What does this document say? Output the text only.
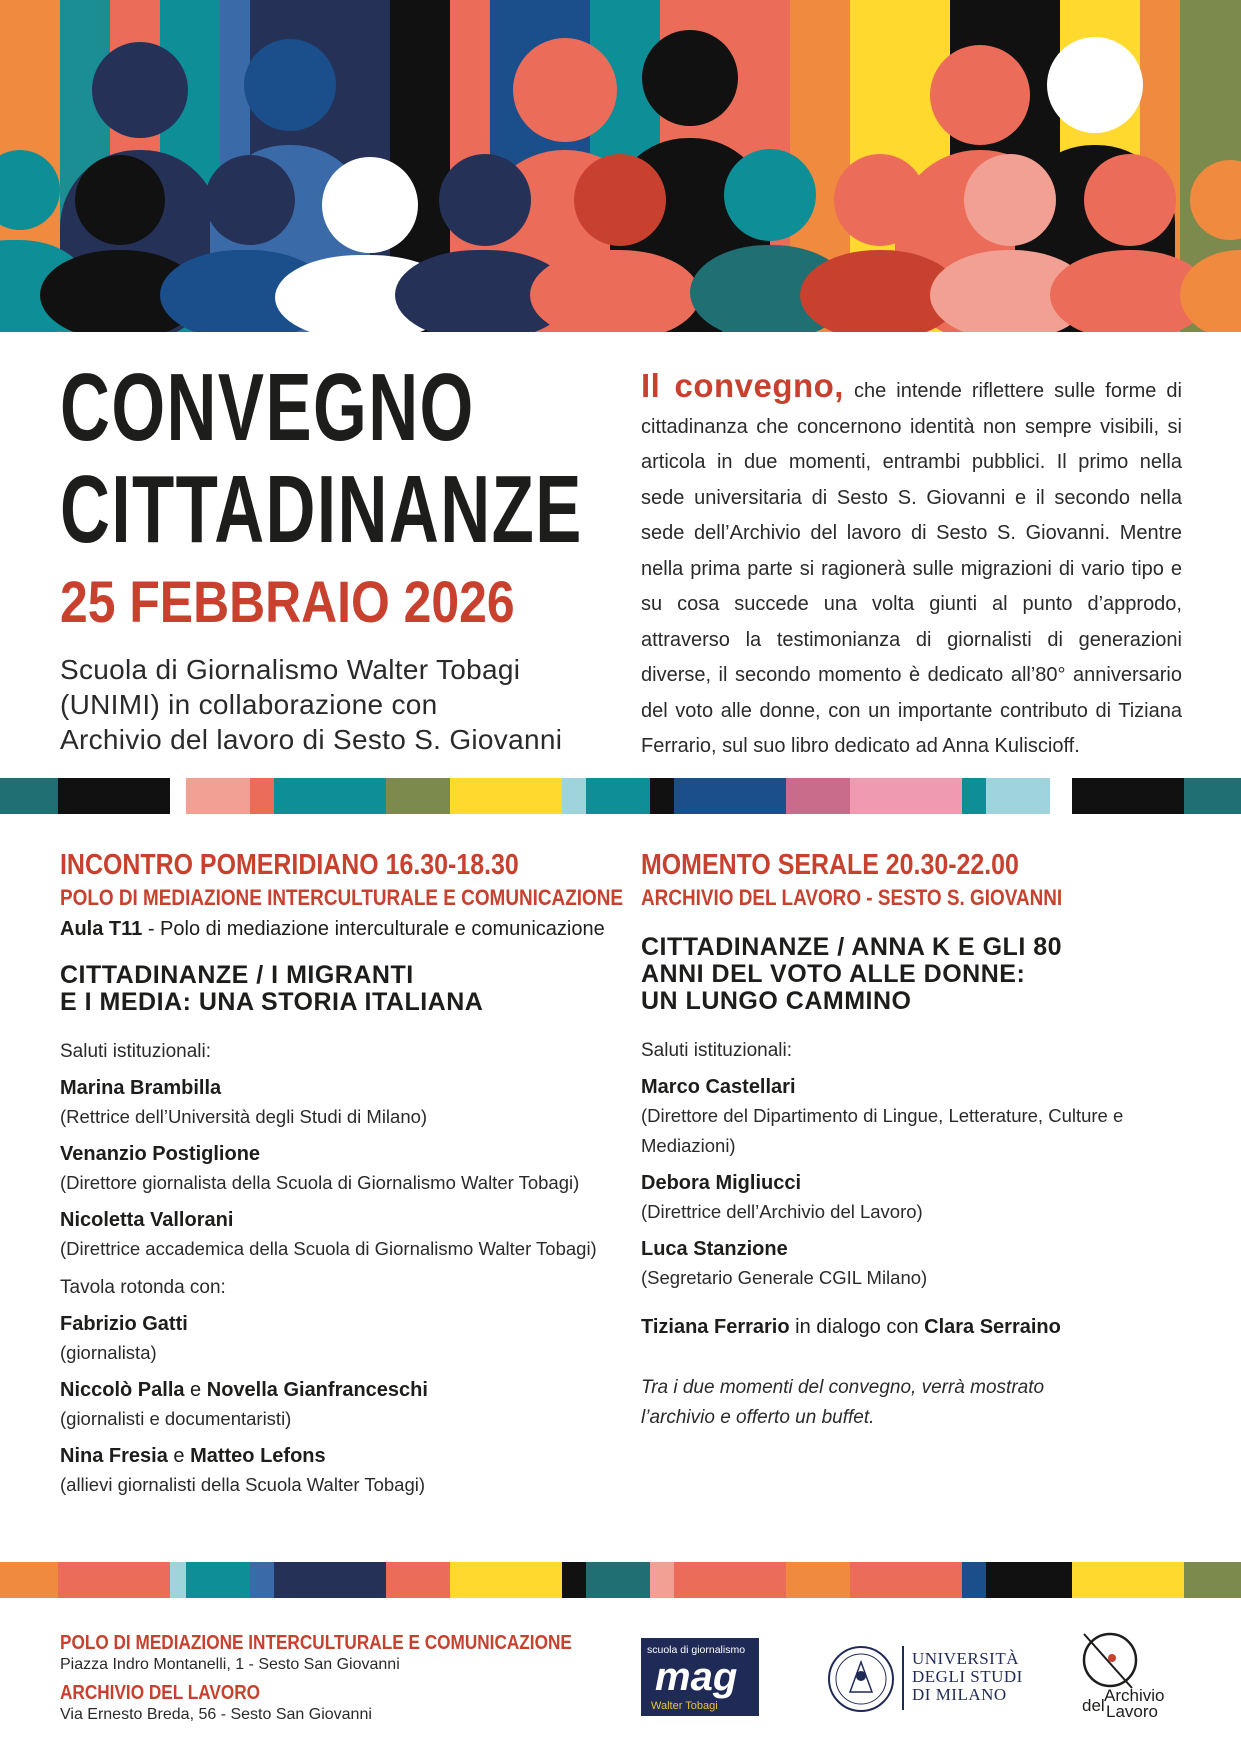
CONVEGNO
CITTADINANZE
25 FEBBRAIO 2026
Scuola di Giornalismo Walter Tobagi
(UNIMI) in collaborazione con
Archivio del lavoro di Sesto S. Giovanni
Il convegno, che intende riflettere sulle forme di cittadinanza che concernono identità non sempre visibili, si articola in due momenti, entrambi pubblici. Il primo nella sede universitaria di Sesto S. Giovanni e il secondo nella sede dell’Archivio del lavoro di Sesto S. Giovanni. Mentre nella prima parte si ragionerà sulle migrazioni di vario tipo e su cosa succede una volta giunti al punto d’approdo, attraverso la testimonianza di giornalisti di generazioni diverse, il secondo momento è dedicato all’80° anniversario del voto alle donne, con un importante contributo di Tiziana Ferrario, sul suo libro dedicato ad Anna Kuliscioff.
INCONTRO POMERIDIANO 16.30-18.30
POLO DI MEDIAZIONE INTERCULTURALE E COMUNICAZIONE
Aula T11 - Polo di mediazione interculturale e comunicazione
CITTADINANZE / I MIGRANTI
E I MEDIA: UNA STORIA ITALIANA
Saluti istituzionali:
Marina Brambilla
(Rettrice dell’Università degli Studi di Milano)
Venanzio Postiglione
(Direttore giornalista della Scuola di Giornalismo Walter Tobagi)
Nicoletta Vallorani
(Direttrice accademica della Scuola di Giornalismo Walter Tobagi)
Tavola rotonda con:
Fabrizio Gatti
(giornalista)
Niccolò Palla e Novella Gianfranceschi
(giornalisti e documentaristi)
Nina Fresia e Matteo Lefons
(allievi giornalisti della Scuola Walter Tobagi)
MOMENTO SERALE 20.30-22.00
ARCHIVIO DEL LAVORO - SESTO S. GIOVANNI
CITTADINANZE / ANNA K E GLI 80
ANNI DEL VOTO ALLE DONNE:
UN LUNGO CAMMINO
Saluti istituzionali:
Marco Castellari
(Direttore del Dipartimento di Lingue, Letterature, Culture e Mediazioni)
Debora Migliucci
(Direttrice dell’Archivio del Lavoro)
Luca Stanzione
(Segretario Generale CGIL Milano)
Tiziana Ferrario in dialogo con Clara Serraino
Tra i due momenti del convegno, verrà mostrato l’archivio e offerto un buffet.
POLO DI MEDIAZIONE INTERCULTURALE E COMUNICAZIONE
Piazza Indro Montanelli, 1 - Sesto San Giovanni
ARCHIVIO DEL LAVORO
Via Ernesto Breda, 56 - Sesto San Giovanni
scuola di giornalismo
mag
Walter Tobagi
UNIVERSITÀ
DEGLI STUDI
DI MILANO	Archivio
del Lavoro
